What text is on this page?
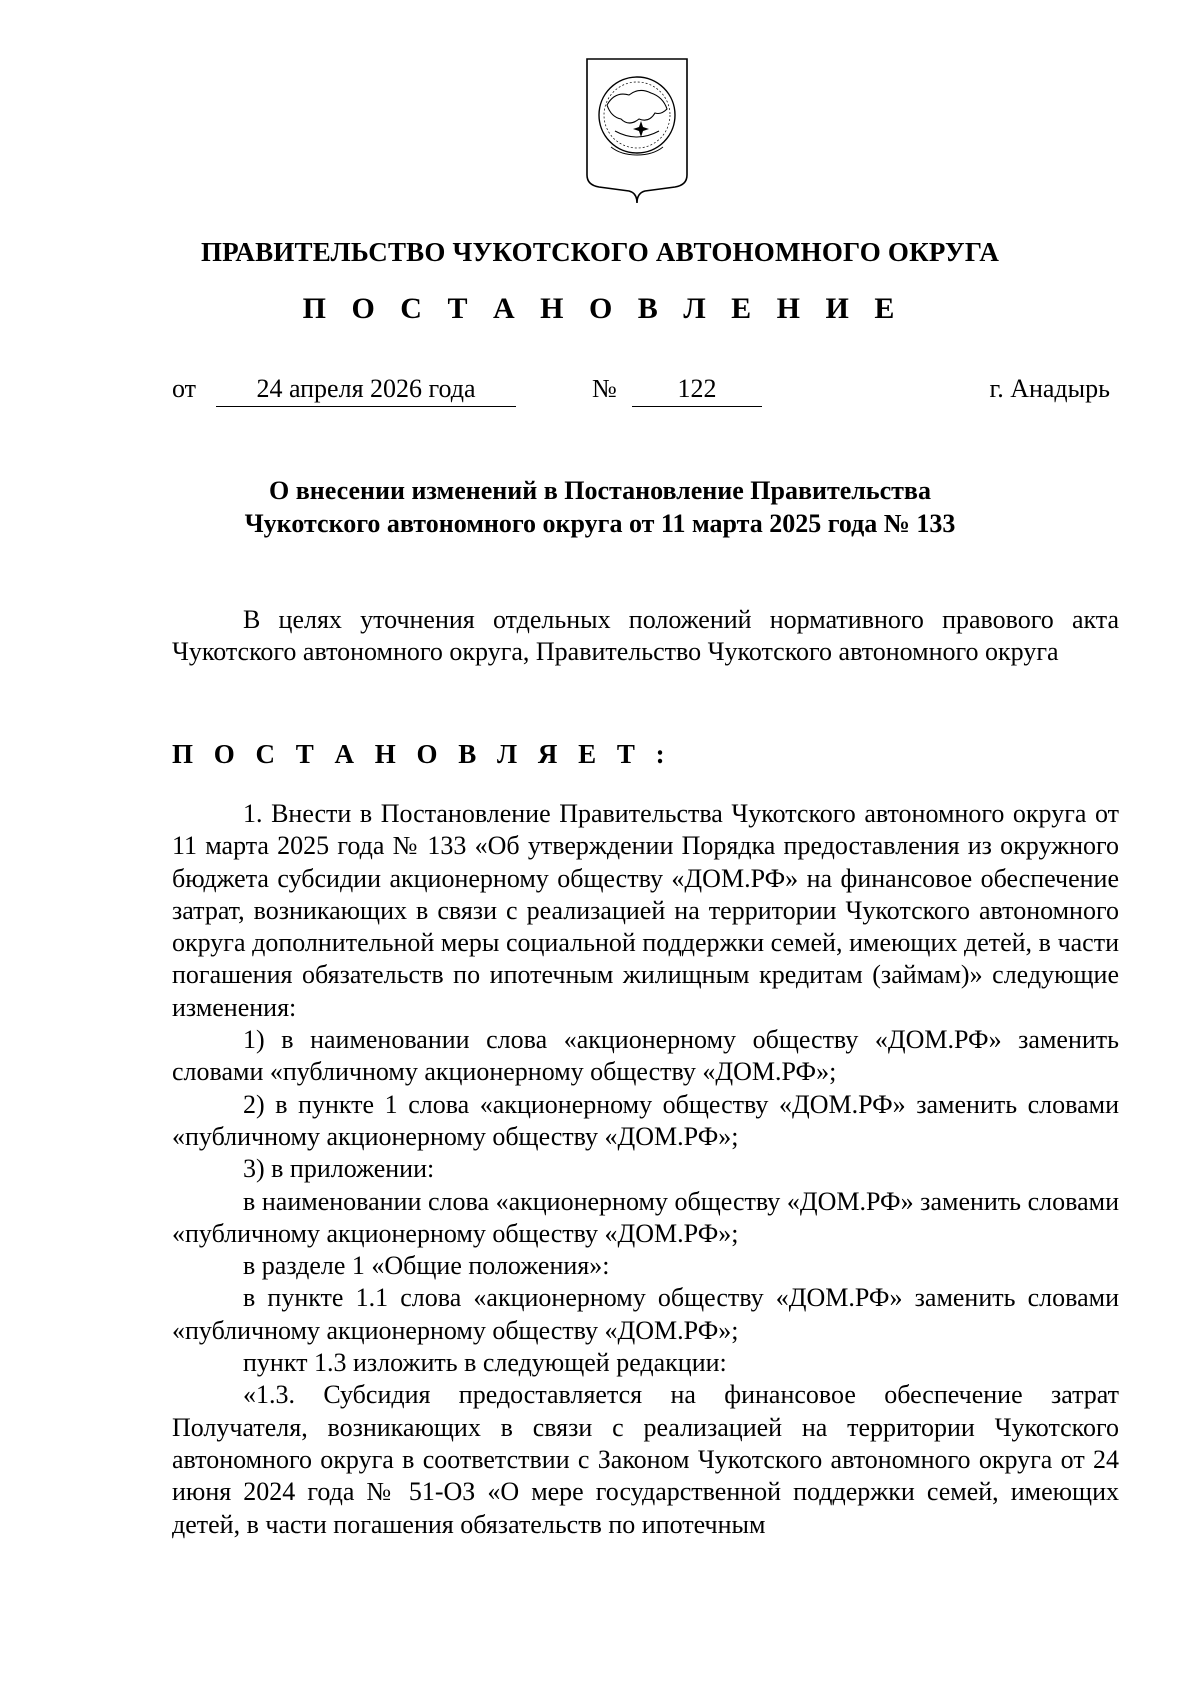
ПРАВИТЕЛЬСТВО ЧУКОТСКОГО АВТОНОМНОГО ОКРУГА
П О С Т А Н О В Л Е Н И Е
от	24 апреля 2026 года	№	122	г. Анадырь
О внесении изменений в Постановление Правительства
Чукотского автономного округа от 11 марта 2025 года № 133

В целях уточнения отдельных положений нормативного правового акта Чукотского автономного округа, Правительство Чукотского автономного округа

П О С Т А Н О В Л Я Е Т :

1. Внести в Постановление Правительства Чукотского автономного округа от 11 марта 2025 года № 133 «Об утверждении Порядка предоставления из окружного бюджета субсидии акционерному обществу «ДОМ.РФ» на финансовое обеспечение затрат, возникающих в связи с реализацией на территории Чукотского автономного округа дополнительной меры социальной поддержки семей, имеющих детей, в части погашения обязательств по ипотечным жилищным кредитам (займам)» следующие изменения:

1) в наименовании слова «акционерному обществу «ДОМ.РФ» заменить словами «публичному акционерному обществу «ДОМ.РФ»;

2) в пункте 1 слова «акционерному обществу «ДОМ.РФ» заменить словами «публичному акционерному обществу «ДОМ.РФ»;

3) в приложении:

в наименовании слова «акционерному обществу «ДОМ.РФ» заменить словами «публичному акционерному обществу «ДОМ.РФ»;

в разделе 1 «Общие положения»:

в пункте 1.1 слова «акционерному обществу «ДОМ.РФ» заменить словами «публичному акционерному обществу «ДОМ.РФ»;

пункт 1.3 изложить в следующей редакции:

«1.3. Субсидия предоставляется на финансовое обеспечение затрат Получателя, возникающих в связи с реализацией на территории Чукотского автономного округа в соответствии с Законом Чукотского автономного округа от 24 июня 2024 года № 51-ОЗ «О мере государственной поддержки семей, имеющих детей, в части погашения обязательств по ипотечным
